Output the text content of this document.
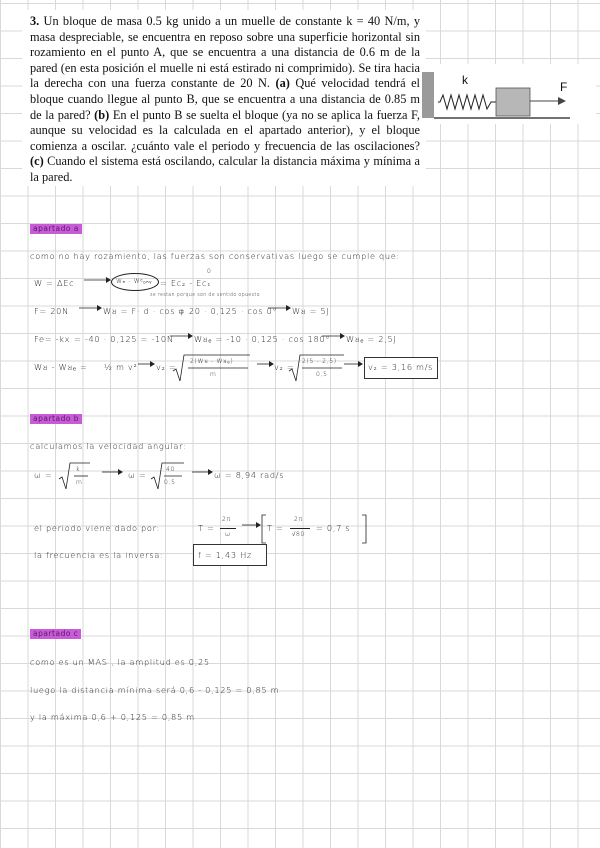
3. Un bloque de masa 0.5 kg unido a un muelle de constante k = 40 N/m, y masa despreciable, se encuentra en reposo sobre una superficie horizontal sin rozamiento en el punto A, que se encuentra a una distancia de 0.6 m de la pared (en esta posición el muelle ni está estirado ni comprimido). Se tira hacia la derecha con una fuerza constante de 20 N. (a) Qué velocidad tendrá el bloque cuando llegue al punto B, que se encuentra a una distancia de 0.85 m de la pared? (b) En el punto B se suelta el bloque (ya no se aplica la fuerza F, aunque su velocidad es la calculada en el apartado anterior), y el bloque comienza a oscilar. ¿cuánto vale el periodo y frecuencia de las oscilaciones? (c) Cuando el sistema está oscilando, calcular la distancia máxima y mínima a la pared.
k	F
apartado a
como no hay rozamiento, las fuerzas son conservativas luego se cumple que:
W = ΔEc	Wₙ - Wᶜₒₙᵥ = Ec₂ - Ec₁
0
se restan porque son de sentido opuesto
F= 20N	Wᴚ = F· d · cos φ
= 20 · 0,125 · cos 0° Wᴚ = 5J
Fe= -kx = -40 · 0,125 = -10N Wᴚₑ = -10 · 0,125 · cos 180° Wᴚₑ = 2,5J
Wᴚ - Wᴚₑ = ½ m v² v₂ =
2(Wᴚ - Wᴚₑ)
m
v₂ =
2(5 - 2,5)
0,5
v₂ = 3,16 m/s
apartado b
calculamos la velocidad angular:
ω =
k
m
ω =
40
0,5
ω = 8,94 rad/s
el periodo viene dado por:	T =
2π
ω
T =
2π
√80
= 0,7 s
la frecuencia es la inversa:	f = 1,43 Hz
apartado c
como es un MAS , la amplitud es 0,25
luego la distancia mínima será 0,6 - 0,125 = 0,85 m
y la máxima 0,6 + 0,125 = 0,85 m
